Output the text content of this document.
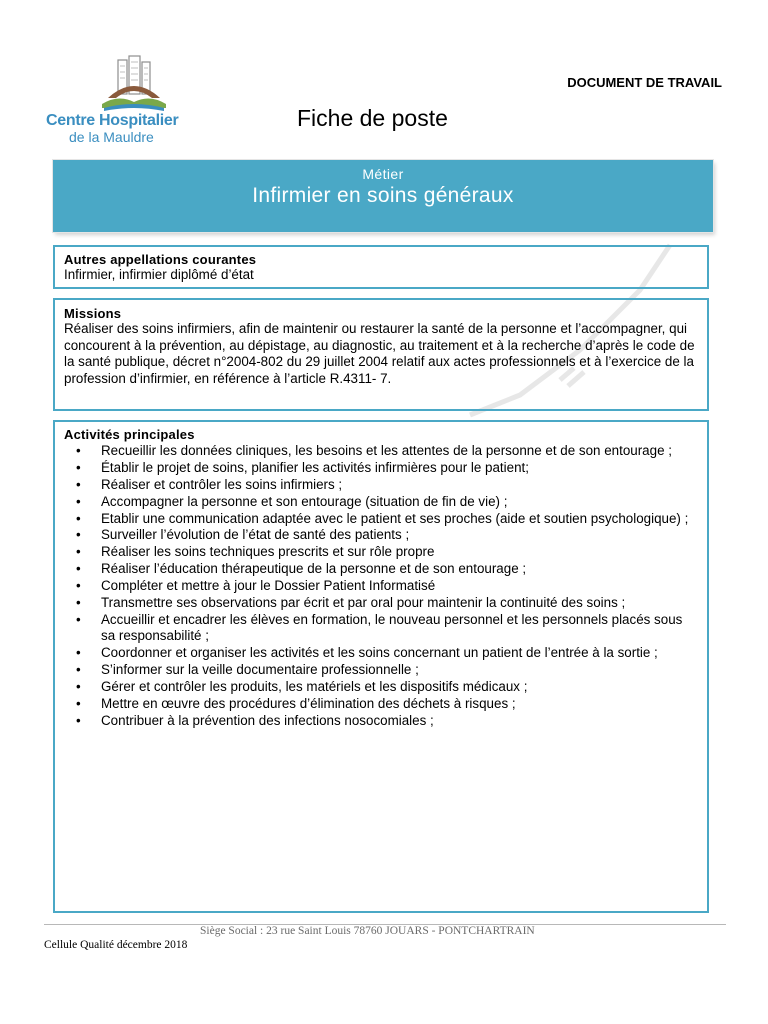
Centre Hospitalier
de la Mauldre
DOCUMENT DE TRAVAIL
Fiche de poste
Métier
Infirmier en soins généraux
Autres appellations courantes
Infirmier, infirmier diplômé d’état
Missions
Réaliser des soins infirmiers, afin de maintenir ou restaurer la santé de la personne et l’accompagner, qui concourent à la prévention, au dépistage, au diagnostic, au traitement et à la recherche d’après le code de la santé publique, décret n°2004-802 du 29 juillet 2004 relatif aux actes professionnels et à l’exercice de la profession d’infirmier, en référence à l’article R.4311- 7.
Activités principales
• Recueillir les données cliniques, les besoins et les attentes de la personne et de son entourage ;
• Établir le projet de soins, planifier les activités infirmières pour le patient;
• Réaliser et contrôler les soins infirmiers ;
• Accompagner la personne et son entourage (situation de fin de vie) ;
• Etablir une communication adaptée avec le patient et ses proches (aide et soutien psychologique) ;
• Surveiller l’évolution de l’état de santé des patients ;
• Réaliser les soins techniques prescrits et sur rôle propre
• Réaliser l’éducation thérapeutique de la personne et de son entourage ;
• Compléter et mettre à jour le Dossier Patient Informatisé
• Transmettre ses observations par écrit et par oral pour maintenir la continuité des soins ;
• Accueillir et encadrer les élèves en formation, le nouveau personnel et les personnels placés sous sa responsabilité ;
• Coordonner et organiser les activités et les soins concernant un patient de l’entrée à la sortie ;
• S’informer sur la veille documentaire professionnelle ;
• Gérer et contrôler les produits, les matériels et les dispositifs médicaux ;
• Mettre en œuvre des procédures d’élimination des déchets à risques ;
• Contribuer à la prévention des infections nosocomiales ;
Siège Social : 23 rue Saint Louis 78760 JOUARS - PONTCHARTRAIN
Cellule Qualité décembre 2018
